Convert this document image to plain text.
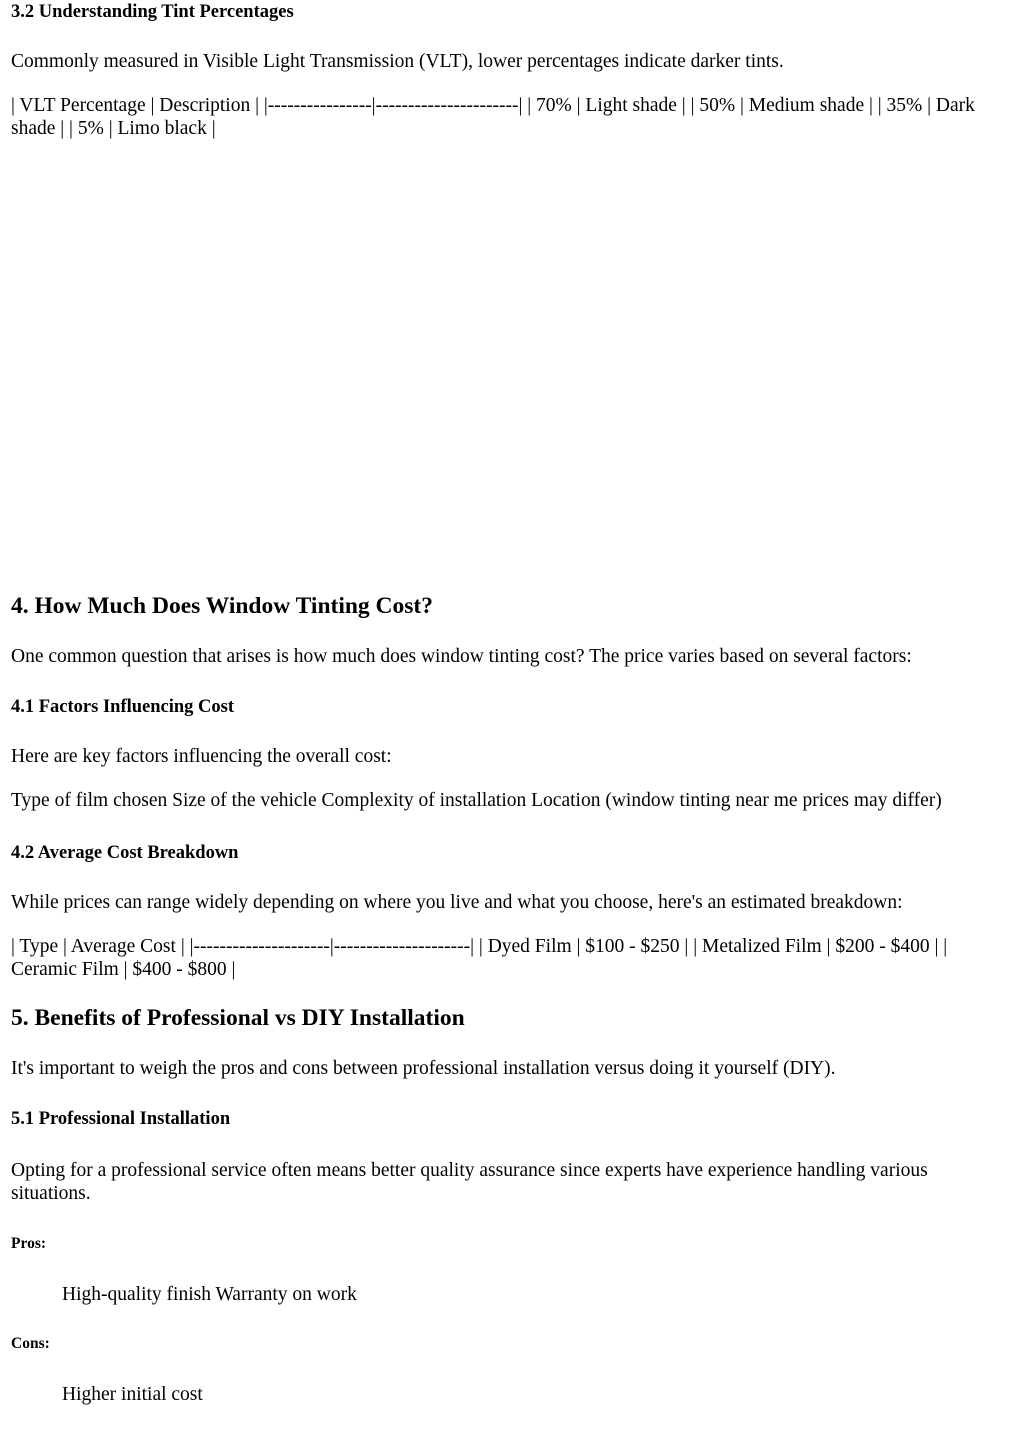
3.2 Understanding Tint Percentages

Commonly measured in Visible Light Transmission (VLT), lower percentages indicate darker tints.

| VLT Percentage | Description | |----------------|----------------------| | 70% | Light shade | | 50% | Medium shade | | 35% | Dark shade | | 5% | Limo black |

4. How Much Does Window Tinting Cost?

One common question that arises is how much does window tinting cost? The price varies based on several factors:

4.1 Factors Influencing Cost

Here are key factors influencing the overall cost:

Type of film chosen Size of the vehicle Complexity of installation Location (window tinting near me prices may differ)

4.2 Average Cost Breakdown

While prices can range widely depending on where you live and what you choose, here's an estimated breakdown:

| Type | Average Cost | |---------------------|---------------------| | Dyed Film | $100 - $250 | | Metalized Film | $200 - $400 | | Ceramic Film | $400 - $800 |

5. Benefits of Professional vs DIY Installation

It's important to weigh the pros and cons between professional installation versus doing it yourself (DIY).

5.1 Professional Installation

Opting for a professional service often means better quality assurance since experts have experience handling various situations.

Pros:

High-quality finish Warranty on work

Cons:

Higher initial cost
